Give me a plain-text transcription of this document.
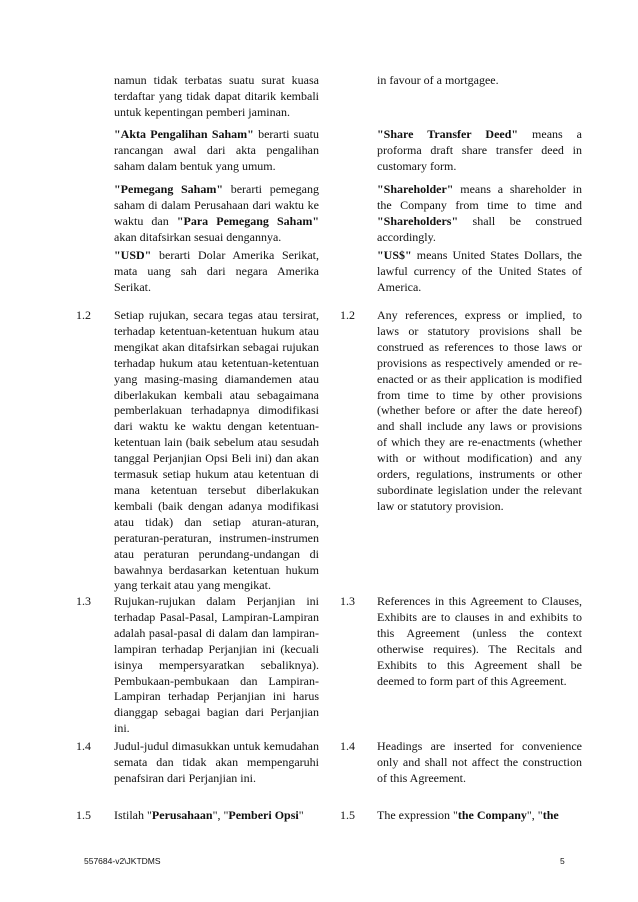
namun tidak terbatas suatu surat kuasa terdaftar yang tidak dapat ditarik kembali untuk kepentingan pemberi jaminan.

"Akta Pengalihan Saham" berarti suatu rancangan awal dari akta pengalihan saham dalam bentuk yang umum.

"Pemegang Saham" berarti pemegang saham di dalam Perusahaan dari waktu ke waktu dan "Para Pemegang Saham" akan ditafsirkan sesuai dengannya.

"USD" berarti Dolar Amerika Serikat, mata uang sah dari negara Amerika Serikat.

1.2 Setiap rujukan, secara tegas atau tersirat, terhadap ketentuan-ketentuan hukum atau mengikat akan ditafsirkan sebagai rujukan terhadap hukum atau ketentuan-ketentuan yang masing-masing diamandemen atau diberlakukan kembali atau sebagaimana pemberlakuan terhadapnya dimodifikasi dari waktu ke waktu dengan ketentuan-ketentuan lain (baik sebelum atau sesudah tanggal Perjanjian Opsi Beli ini) dan akan termasuk setiap hukum atau ketentuan di mana ketentuan tersebut diberlakukan kembali (baik dengan adanya modifikasi atau tidak) dan setiap aturan-aturan, peraturan-peraturan, instrumen-instrumen atau peraturan perundang-undangan di bawahnya berdasarkan ketentuan hukum yang terkait atau yang mengikat.

1.3 Rujukan-rujukan dalam Perjanjian ini terhadap Pasal-Pasal, Lampiran-Lampiran adalah pasal-pasal di dalam dan lampiran-lampiran terhadap Perjanjian ini (kecuali isinya mempersyaratkan sebaliknya). Pembukaan-pembukaan dan Lampiran-Lampiran terhadap Perjanjian ini harus dianggap sebagai bagian dari Perjanjian ini.

1.4 Judul-judul dimasukkan untuk kemudahan semata dan tidak akan mempengaruhi penafsiran dari Perjanjian ini.

1.5 Istilah "Perusahaan", "Pemberi Opsi"

in favour of a mortgagee.

"Share Transfer Deed" means a proforma draft share transfer deed in customary form.

"Shareholder" means a shareholder in the Company from time to time and "Shareholders" shall be construed accordingly.

"US$" means United States Dollars, the lawful currency of the United States of America.

1.2 Any references, express or implied, to laws or statutory provisions shall be construed as references to those laws or provisions as respectively amended or re-enacted or as their application is modified from time to time by other provisions (whether before or after the date hereof) and shall include any laws or provisions of which they are re-enactments (whether with or without modification) and any orders, regulations, instruments or other subordinate legislation under the relevant law or statutory provision.

1.3 References in this Agreement to Clauses, Exhibits are to clauses in and exhibits to this Agreement (unless the context otherwise requires). The Recitals and Exhibits to this Agreement shall be deemed to form part of this Agreement.

1.4 Headings are inserted for convenience only and shall not affect the construction of this Agreement.

1.5 The expression "the Company", "the

557684-v2\JKTDMS	5
